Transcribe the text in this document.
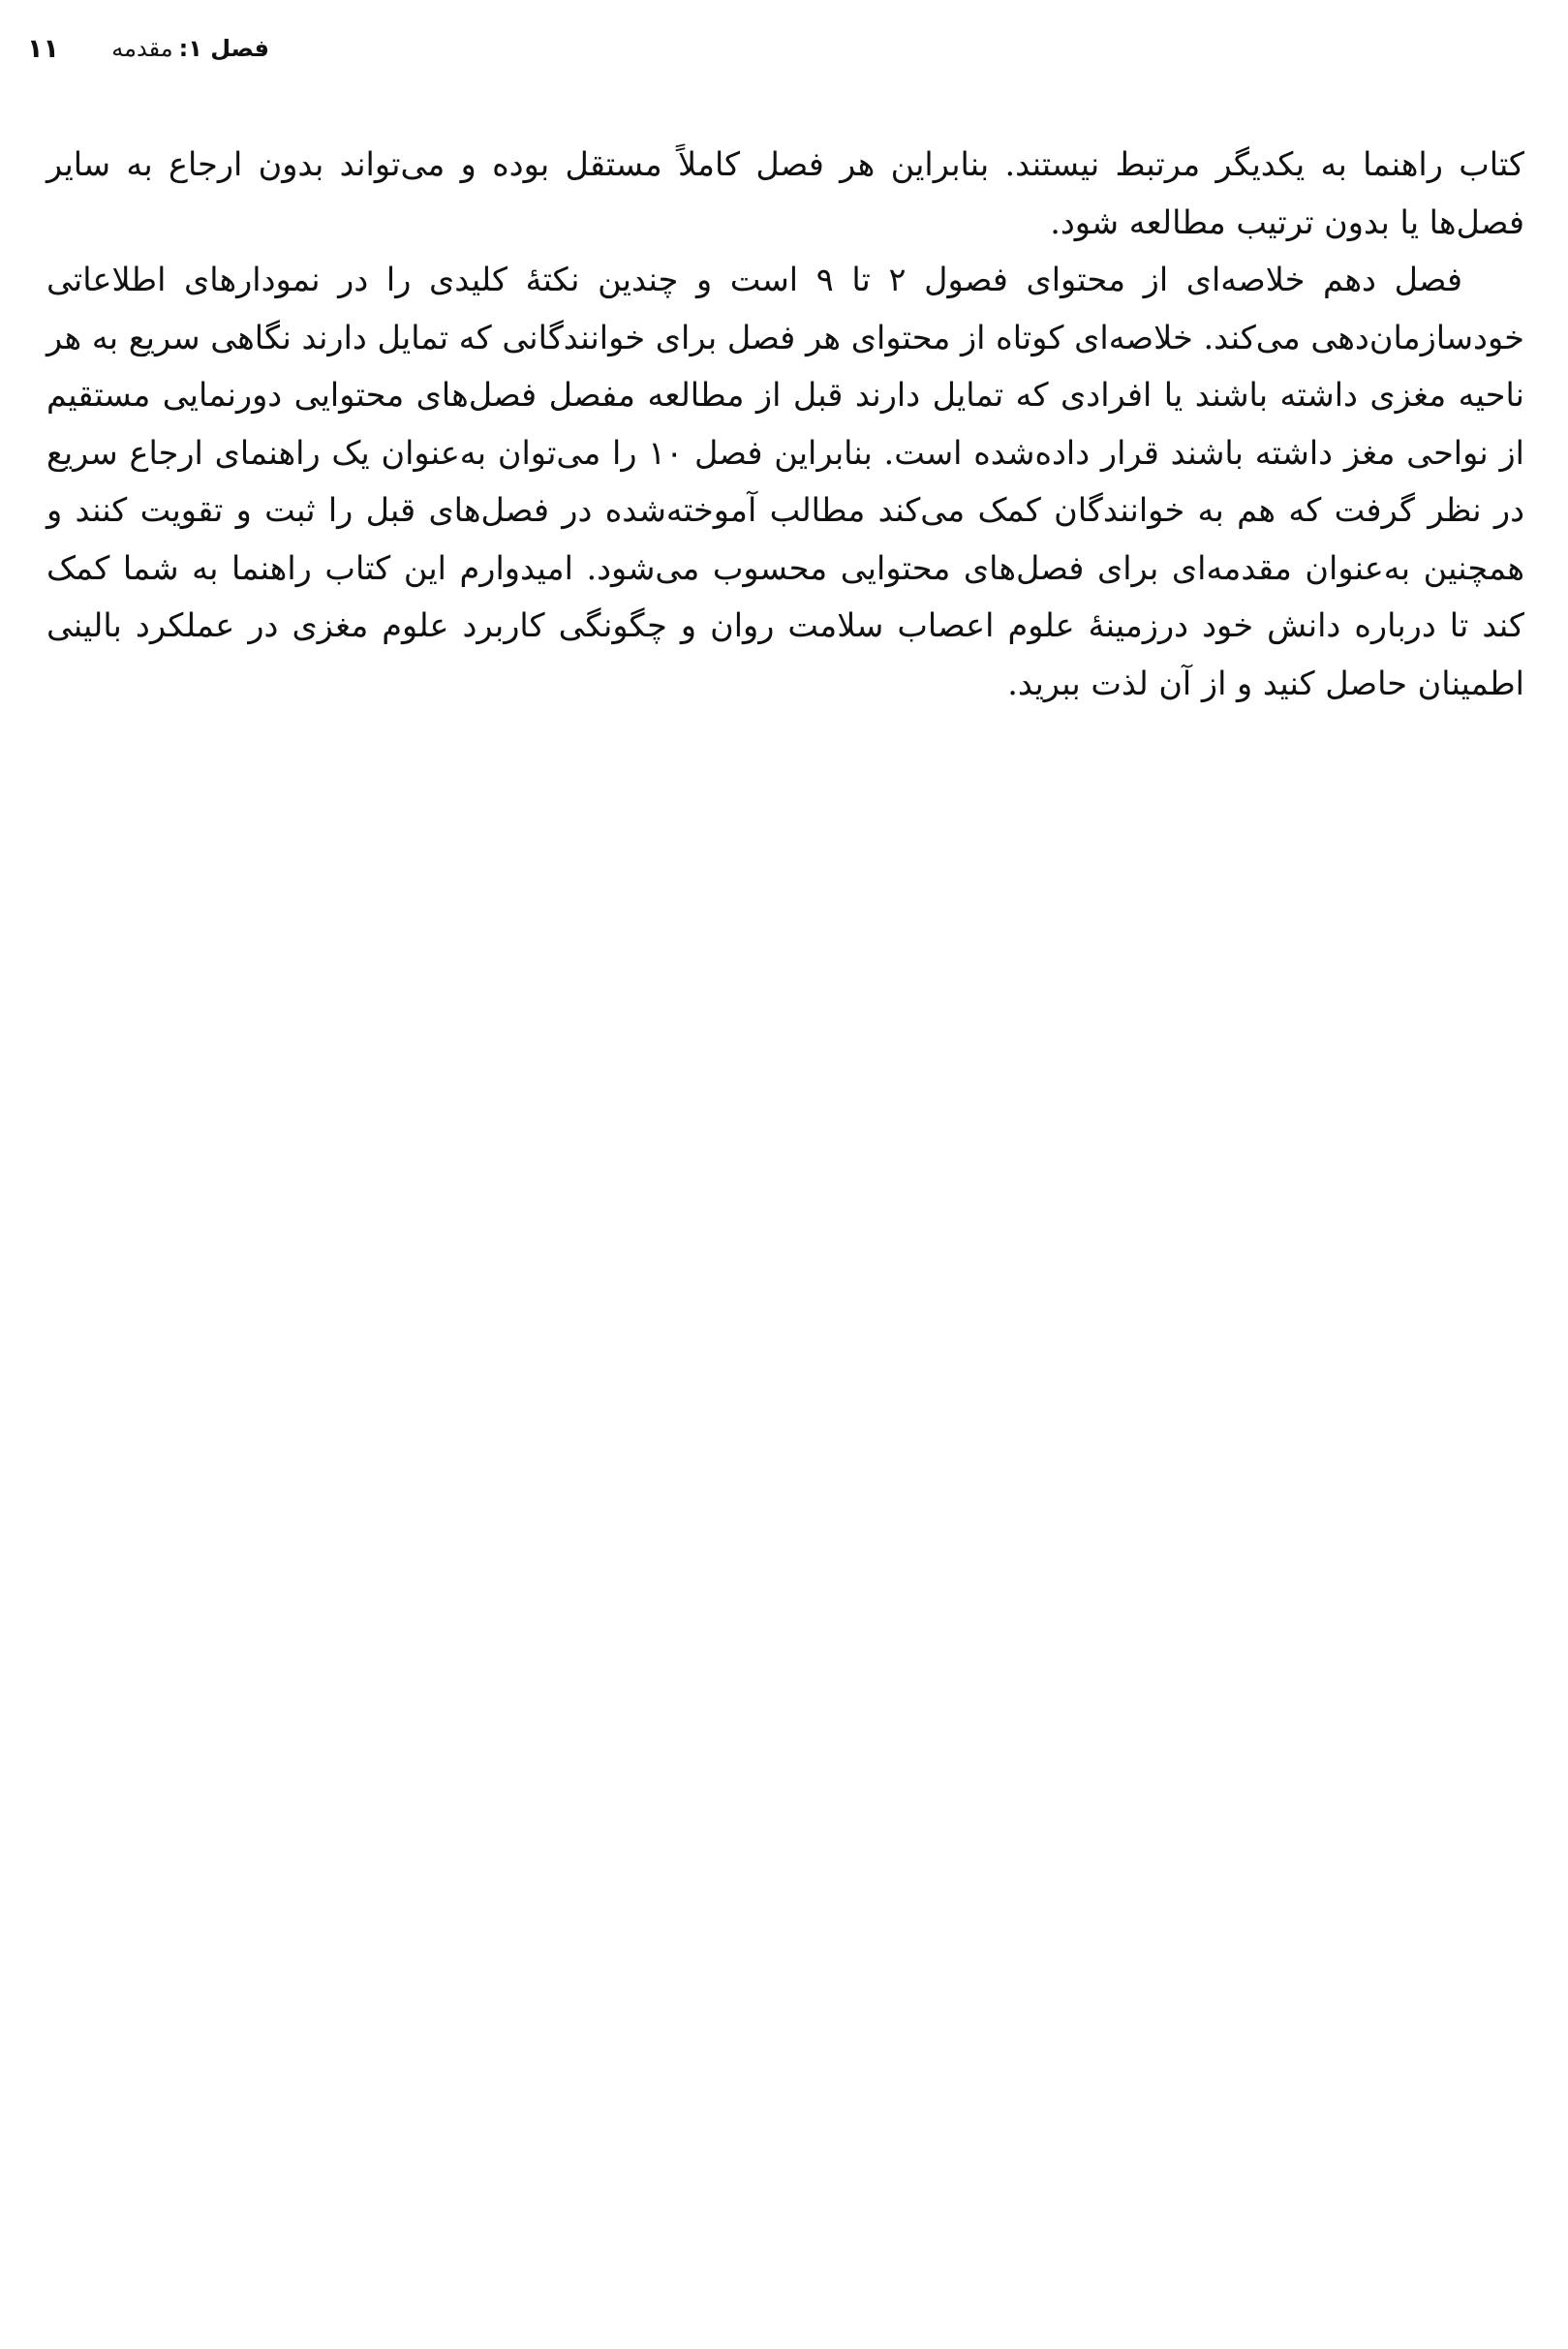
۱۱	فصل ۱:
مقدمه

کتاب راهنما به یکدیگر مرتبط نیستند. بنابراین هر فصل کاملاً مستقل بوده و می‌تواند بدون ارجاع به سایر فصل‌ها یا بدون ترتیب مطالعه شود.

فصل دهم خلاصه‌ای از محتوای فصول ۲ تا ۹ است و چندین نکتهٔ کلیدی را در نمودارهای اطلاعاتی خودسازمان‌دهی می‌کند. خلاصه‌ای کوتاه از محتوای هر فصل برای خوانندگانی که تمایل دارند نگاهی سریع به هر ناحیه مغزی داشته باشند یا افرادی که تمایل دارند قبل از مطالعه مفصل فصل‌های محتوایی دورنمایی مستقیم از نواحی مغز داشته باشند قرار داده‌شده است. بنابراین فصل ۱۰ را می‌توان به‌عنوان یک راهنمای ارجاع سریع در نظر گرفت که هم به خوانندگان کمک می‌کند مطالب آموخته‌شده در فصل‌های قبل را ثبت و تقویت کنند و همچنین به‌عنوان مقدمه‌ای برای فصل‌های محتوایی محسوب می‌شود. امیدوارم این کتاب راهنما به شما کمک کند تا درباره دانش خود درزمینهٔ علوم اعصاب سلامت روان و چگونگی کاربرد علوم مغزی در عملکرد بالینی اطمینان حاصل کنید و از آن لذت ببرید.
